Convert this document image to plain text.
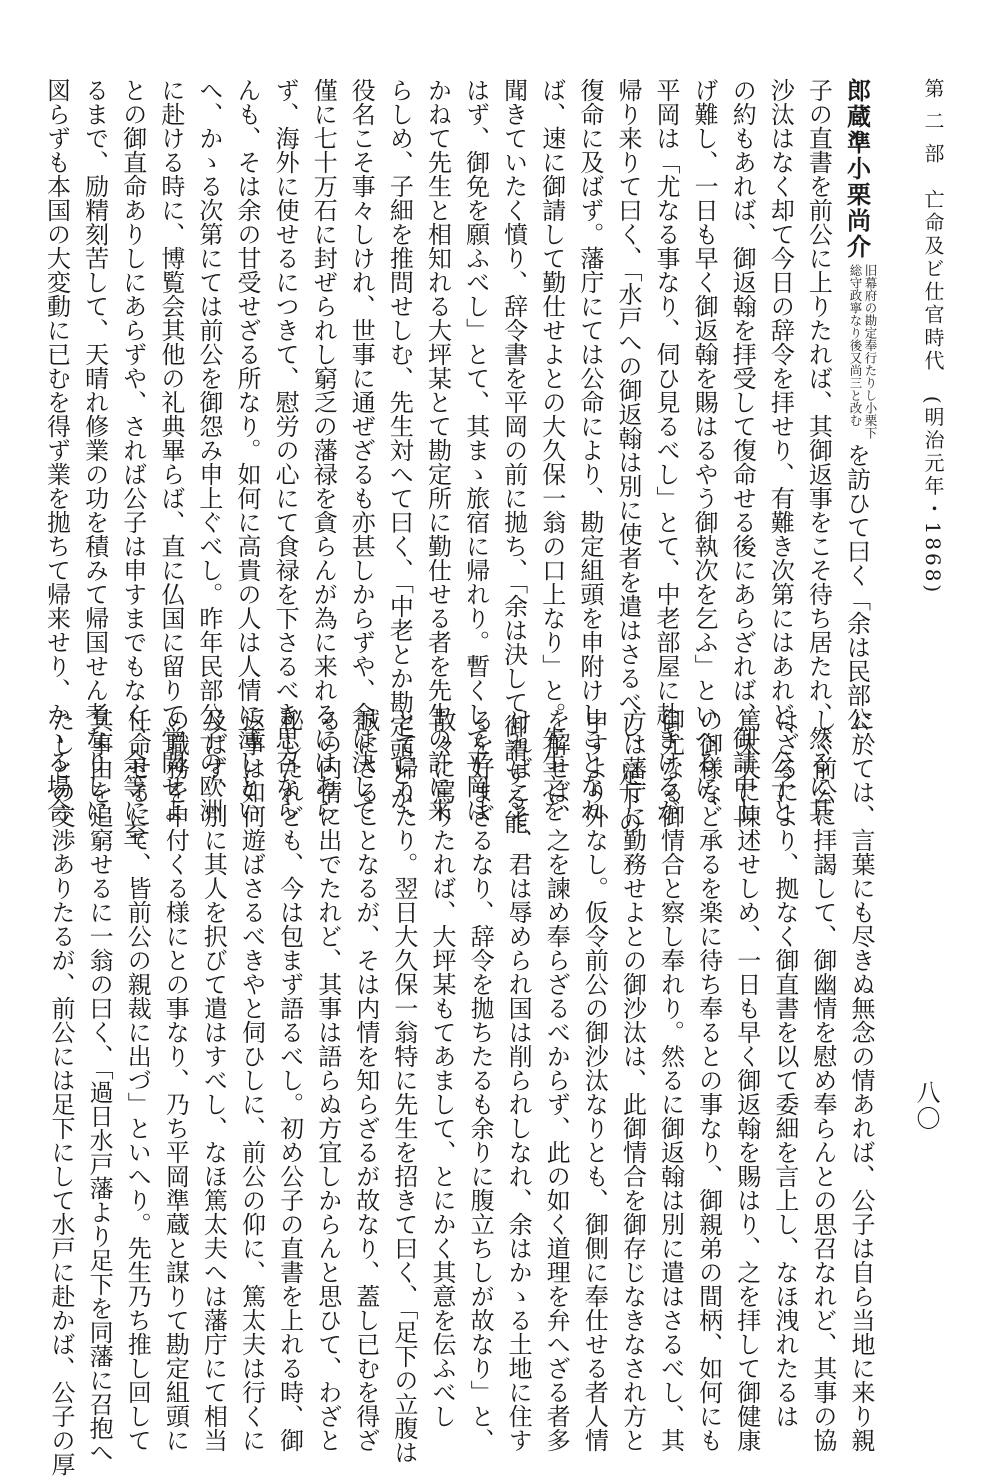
第 二 部　亡命及ビ仕官時代　(明治元年・1868)
八〇
郎蔵準小栗尚介
旧幕府の勘定奉行たりし小栗下
総守政寧なり後又尚三と改む
を訪ひて曰く「余は民部公
子の直書を前公に上りたれば、其御返事をこそ待ち居たれ、然るに其
沙汰はなく却て今日の辞令を拝せり、有難き次第にはあれど、公子と
の約もあれば、御返翰を拝受して復命せる後にあらざれば、御請申上
げ難し、一日も早く御返翰を賜はるやう御執次を乞ふ」といへるに、
平岡は「尤なる事なり、伺ひ見るべし」とて、中老部屋に赴きけるが
帰り来りて曰く、「水戸への御返翰は別に使者を遣はさるべし、足下の
復命に及ばず。藩庁にては公命により、勘定組頭を申附けしことなれ
ば、速に御請して勤仕せよとの大久保一翁の口上なり」と。先生之を
聞きていたく憤り、辞令書を平岡の前に拋ち、「余は決して御請する能
はず、御免を願ふべし」とて、其まゝ旅宿に帰れり。暫くして平岡は
かねて先生と相知れる大坪某とて勘定所に勤仕せる者を先生の許に来
らしめ、子細を推問せしむ、先生対へて曰く、「中老とか勘定頭とか、
役名こそ事々しけれ、世事に通ぜざるも亦甚しからずや、余は決して
僅に七十万石に封ぜられし窮乏の藩禄を貪らんが為に来れるにはあら
ず、海外に使せるにつきて、慰労の心にて食禄を下さるべき思召なら
んも、そは余の甘受せざる所なり。如何に高貴の人は人情に薄しとい
へ、かゝる次第にては前公を御怨み申上ぐべし。昨年民部公子の欧洲
に赴ける時に、博覧会其他の礼典畢らば、直に仏国に留りて学問せよ
との御直命ありしにあらずや、されば公子は申すまでもなく、余等に至
るまで、励精刻苦して、天晴れ修業の功を積みて帰国せん考なりしに
図らずも本国の大変動に已むを得ず業を拋ちて帰来せり、かゝる場合
に於ては、言葉にも尽きぬ無念の情あれば、公子は自ら当地に来り親
しく前公に拝謁して、御幽情を慰め奉らんとの思召なれど、其事の協
はざるにより、拠なく御直書を以て委細を言上し、なほ洩れたるは
篤太夫に陳述せしめ、一日も早く御返翰を賜はり、之を拝して御健康
の御様など承るを楽に待ち奉るとの事なり、御親弟の間柄、如何にも
御尤なる御情合と察し奉れり。然るに御返翰は別に遣はさるべし、其
方は藩庁に勤務せよとの御沙汰は、此御情合を御存じなきなされ方と
申すより外なし。仮令前公の御沙汰なりとも、御側に奉仕せる者人情
を解せば、之を諫め奉らざるべからず、此の如く道理を弁へざる者多
ければこそ、君は辱められ国は削られしなれ、余はかゝる土地に住す
るを好まざるなり、辞令を拋ちたるも余りに腹立ちしが故なり」と、
散々に罵りたれば、大坪某もてあまして、とにかく其意を伝ふべし
とて帰りたり。翌日大久保一翁特に先生を招きて曰く、「足下の立腹は
誠にさることなるが、そは内情を知らざるが故なり、蓋し已むを得ざ
るの内情に出でたれど、其事は語らぬ方宜しからんと思ひて、わざと
秘したれども、今は包まず語るべし。初め公子の直書を上れる時、御
返事は如何遊ばさるべきやと伺ひしに、前公の仰に、篤太夫は行くに
及ばず、別に其人を択びて遣はすべし、なほ篤太夫へは藩庁にて相当
の職務を申付くる様にとの事なり、乃ち平岡準蔵と謀りて勘定組頭に
任命せるにて、皆前公の親裁に出づ」といへり。先生乃ち推し回して
其事由を追窮せるに一翁の曰く、「過日水戸藩より足下を同藩に召抱へ
たしとの交渉ありたるが、前公には足下にして水戸に赴かば、公子の厚
